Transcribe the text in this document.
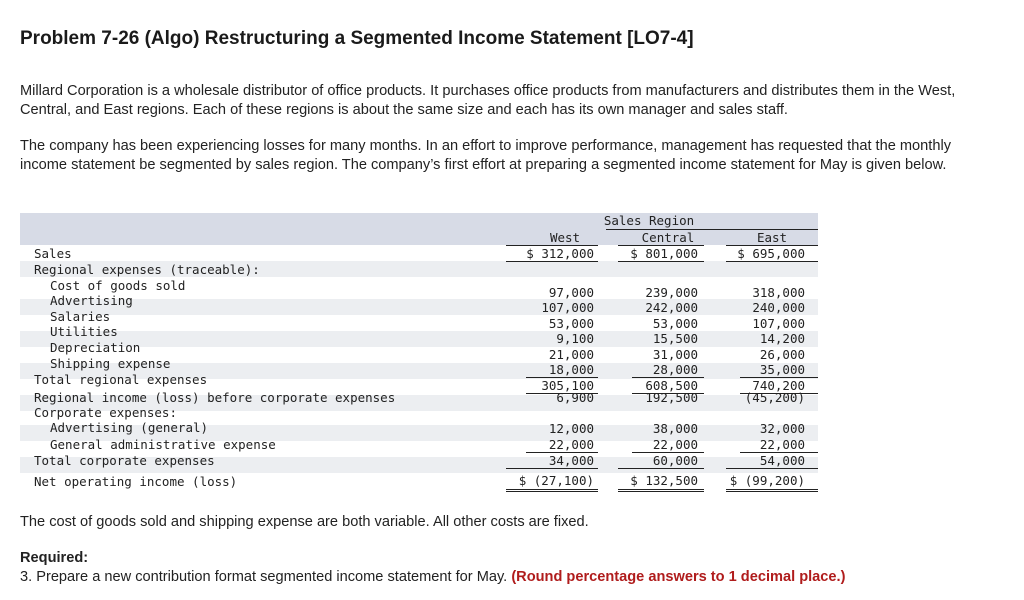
Problem 7-26 (Algo) Restructuring a Segmented Income Statement [LO7-4]

Millard Corporation is a wholesale distributor of office products. It purchases office products from manufacturers and distributes them in the West, Central, and East regions. Each of these regions is about the same size and each has its own manager and sales staff.

The company has been experiencing losses for many months. In an effort to improve performance, management has requested that the monthly income statement be segmented by sales region. The company’s first effort at preparing a segmented income statement for May is given below.

Sales Region
West	Central	East
Sales	$ 312,000	$ 801,000	$ 695,000
Regional expenses (traceable):
Cost of goods sold	97,000	239,000	318,000
Advertising	107,000	242,000	240,000
Salaries	53,000	53,000	107,000
Utilities	9,100	15,500	14,200
Depreciation	21,000	31,000	26,000
Shipping expense	18,000	28,000	35,000
Total regional expenses	305,100	608,500	740,200
Regional income (loss) before corporate expenses	6,900	192,500	(45,200)
Corporate expenses:
Advertising (general)	12,000	38,000	32,000
General administrative expense	22,000	22,000	22,000
Total corporate expenses	34,000	60,000	54,000
Net operating income (loss)	$ (27,100)	$ 132,500	$ (99,200)

The cost of goods sold and shipping expense are both variable. All other costs are fixed.

Required:

3. Prepare a new contribution format segmented income statement for May. (Round percentage answers to 1 decimal place.)
